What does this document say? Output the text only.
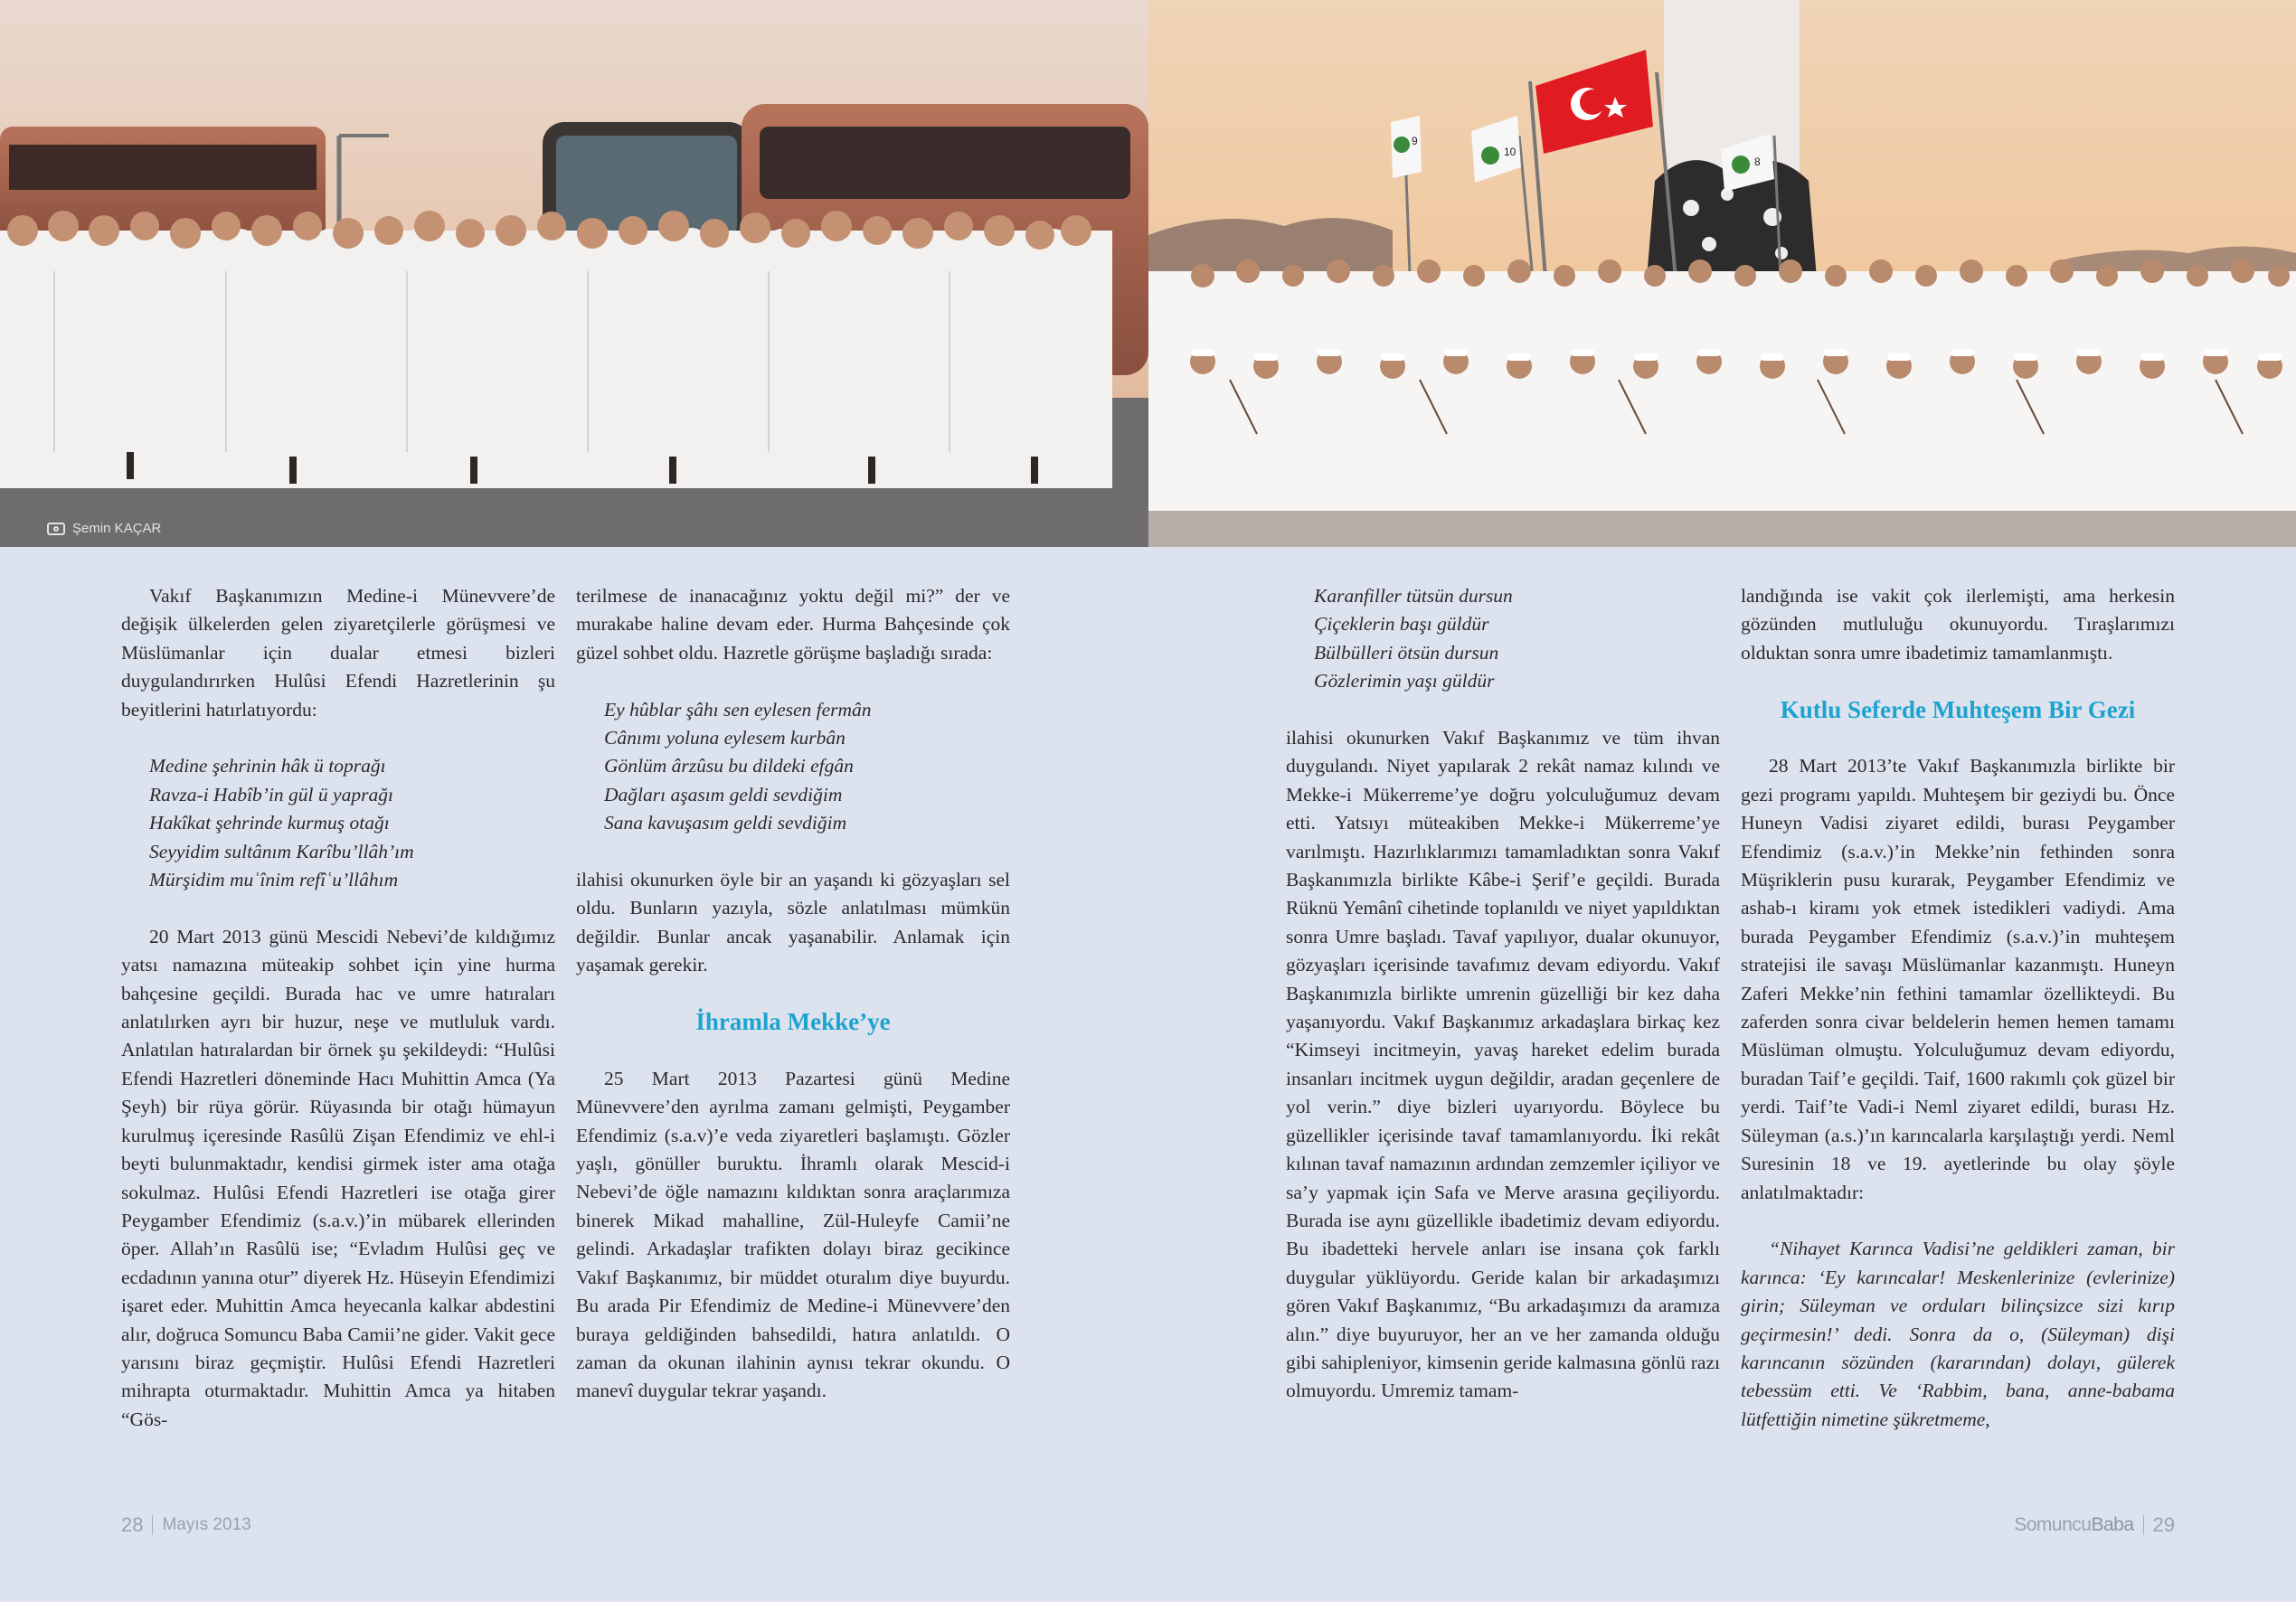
Şemin KAÇAR
9
10
8

Vakıf Başkanımızın Medine-i Münevvere’de değişik ülkelerden gelen ziyaretçilerle görüşmesi ve Müslümanlar için dualar etmesi bizleri duygulandırırken Hulûsi Efendi Hazretlerinin şu beyitlerini hatırlatıyordu:

Medine şehrinin hâk ü toprağı
Ravza-i Habîb’in gül ü yaprağı
Hakîkat şehrinde kurmuş otağı
Seyyidim sultânım Karîbu’llâh’ım
Mürşidim muʿînim refîʿu’llâhım

20 Mart 2013 günü Mescidi Nebevi’de kıldığımız yatsı namazına müteakip sohbet için yine hurma bahçesine geçildi. Burada hac ve umre hatıraları anlatılırken ayrı bir huzur, neşe ve mutluluk vardı. Anlatılan hatıralardan bir örnek şu şekildeydi: “Hulûsi Efendi Hazretleri döneminde Hacı Muhittin Amca (Ya Şeyh) bir rüya görür. Rüyasında bir otağı hümayun kurulmuş içeresinde Rasûlü Zişan Efendimiz ve ehl-i beyti bulunmaktadır, kendisi girmek ister ama otağa sokulmaz. Hulûsi Efendi Hazretleri ise otağa girer Peygamber Efendimiz (s.a.v.)’in mübarek ellerinden öper. Allah’ın Rasûlü ise; “Evladım Hulûsi geç ve ecdadının yanına otur” diyerek Hz. Hüseyin Efendimizi işaret eder. Muhittin Amca heyecanla kalkar abdestini alır, doğruca Somuncu Baba Camii’ne gider. Vakit gece yarısını biraz geçmiştir. Hulûsi Efendi Hazretleri mihrapta oturmaktadır. Muhittin Amca ya hitaben “Gös-

terilmese de inanacağınız yoktu değil mi?” der ve murakabe haline devam eder. Hurma Bahçesinde çok güzel sohbet oldu. Hazretle görüşme başladığı sırada:

Ey hûblar şâhı sen eylesen fermân
Cânımı yoluna eylesem kurbân
Gönlüm ârzûsu bu dildeki efgân
Dağları aşasım geldi sevdiğim
Sana kavuşasım geldi sevdiğim

ilahisi okunurken öyle bir an yaşandı ki gözyaşları sel oldu. Bunların yazıyla, sözle anlatılması mümkün değildir. Bunlar ancak yaşanabilir. Anlamak için yaşamak gerekir.

İhramla Mekke’ye

25 Mart 2013 Pazartesi günü Medine Münevvere’den ayrılma zamanı gelmişti, Peygamber Efendimiz (s.a.v)’e veda ziyaretleri başlamıştı. Gözler yaşlı, gönüller buruktu. İhramlı olarak Mescid-i Nebevi’de öğle namazını kıldıktan sonra araçlarımıza binerek Mikad mahalline, Zül-Huleyfe Camii’ne gelindi. Arkadaşlar trafikten dolayı biraz gecikince Vakıf Başkanımız, bir müddet oturalım diye buyurdu. Bu arada Pir Efendimiz de Medine-i Münevvere’den buraya geldiğinden bahsedildi, hatıra anlatıldı. O zaman da okunan ilahinin aynısı tekrar okundu. O manevî duygular tekrar yaşandı.

Karanfiller tütsün dursun
Çiçeklerin başı güldür
Bülbülleri ötsün dursun
Gözlerimin yaşı güldür

ilahisi okunurken Vakıf Başkanımız ve tüm ihvan duygulandı. Niyet yapılarak 2 rekât namaz kılındı ve Mekke-i Mükerreme’ye doğru yolculuğumuz devam etti. Yatsıyı müteakiben Mekke-i Mükerreme’ye varılmıştı. Hazırlıklarımızı tamamladıktan sonra Vakıf Başkanımızla birlikte Kâbe-i Şerif’e geçildi. Burada Rüknü Yemânî cihetinde toplanıldı ve niyet yapıldıktan sonra Umre başladı. Tavaf yapılıyor, dualar okunuyor, gözyaşları içerisinde tavafımız devam ediyordu. Vakıf Başkanımızla birlikte umrenin güzelliği bir kez daha yaşanıyordu. Vakıf Başkanımız arkadaşlara birkaç kez “Kimseyi incitmeyin, yavaş hareket edelim burada insanları incitmek uygun değildir, aradan geçenlere de yol verin.” diye bizleri uyarıyordu. Böylece bu güzellikler içerisinde tavaf tamamlanıyordu. İki rekât kılınan tavaf namazının ardından zemzemler içiliyor ve sa’y yapmak için Safa ve Merve arasına geçiliyordu. Burada ise aynı güzellikle ibadetimiz devam ediyordu. Bu ibadetteki hervele anları ise insana çok farklı duygular yüklüyordu. Geride kalan bir arkadaşımızı gören Vakıf Başkanımız, “Bu arkadaşımızı da aramıza alın.” diye buyuruyor, her an ve her zamanda olduğu gibi sahipleniyor, kimsenin geride kalmasına gönlü razı olmuyordu. Umremiz tamam-

landığında ise vakit çok ilerlemişti, ama herkesin gözünden mutluluğu okunuyordu. Tıraşlarımızı olduktan sonra umre ibadetimiz tamamlanmıştı.

Kutlu Seferde Muhteşem Bir Gezi

28 Mart 2013’te Vakıf Başkanımızla birlikte bir gezi programı yapıldı. Muhteşem bir geziydi bu. Önce Huneyn Vadisi ziyaret edildi, burası Peygamber Efendimiz (s.a.v.)’in Mekke’nin fethinden sonra Müşriklerin pusu kurarak, Peygamber Efendimiz ve ashab-ı kiramı yok etmek istedikleri vadiydi. Ama burada Peygamber Efendimiz (s.a.v.)’in muhteşem stratejisi ile savaşı Müslümanlar kazanmıştı. Huneyn Zaferi Mekke’nin fethini tamamlar özellikteydi. Bu zaferden sonra civar beldelerin hemen hemen tamamı Müslüman olmuştu. Yolculuğumuz devam ediyordu, buradan Taif’e geçildi. Taif, 1600 rakımlı çok güzel bir yerdi. Taif’te Vadi-i Neml ziyaret edildi, burası Hz. Süleyman (a.s.)’ın karıncalarla karşılaştığı yerdi. Neml Suresinin 18 ve 19. ayetlerinde bu olay şöyle anlatılmaktadır:

“Nihayet Karınca Vadisi’ne geldikleri zaman, bir karınca: ‘Ey karıncalar! Meskenlerinize (evlerinize) girin; Süleyman ve orduları bilinçsizce sizi kırıp geçirmesin!’ dedi. Sonra da o, (Süleyman) dişi karıncanın sözünden (kararından) dolayı, gülerek tebessüm etti. Ve ‘Rabbim, bana, anne-babama lütfettiğin nimetine şükretmeme,

28 Mayıs 2013	SomuncuBaba 29
